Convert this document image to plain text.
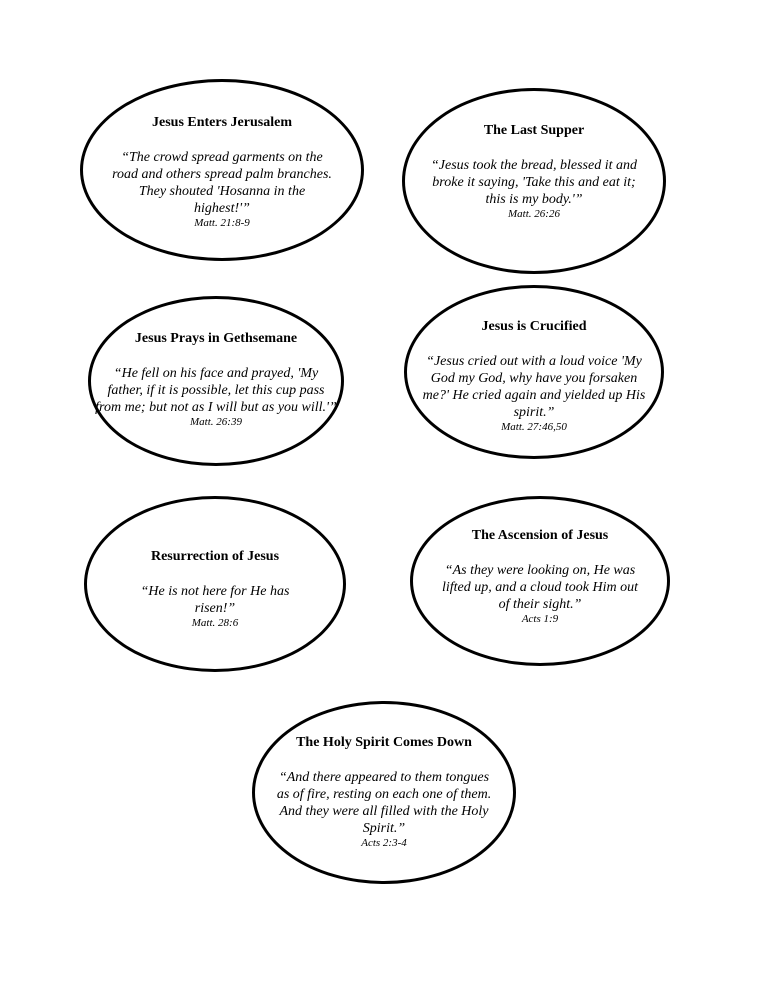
Jesus Enters Jerusalem

“The crowd spread garments on the road and others spread palm branches. They shouted 'Hosanna in the highest!'”

Matt. 21:8-9

The Last Supper

“Jesus took the bread, blessed it and broke it saying, 'Take this and eat it; this is my body.'”

Matt. 26:26

Jesus Prays in Gethsemane

“He fell on his face and prayed, 'My father, if it is possible, let this cup pass from me; but not as I will but as you will.'”

Matt. 26:39

Jesus is Crucified

“Jesus cried out with a loud voice 'My God my God, why have you forsaken me?' He cried again and yielded up His spirit.”

Matt. 27:46,50

Resurrection of Jesus

“He is not here for He has risen!”

Matt. 28:6

The Ascension of Jesus

“As they were looking on, He was lifted up, and a cloud took Him out of their sight.”

Acts 1:9

The Holy Spirit Comes Down

“And there appeared to them tongues as of fire, resting on each one of them. And they were all filled with the Holy Spirit.”

Acts 2:3-4
